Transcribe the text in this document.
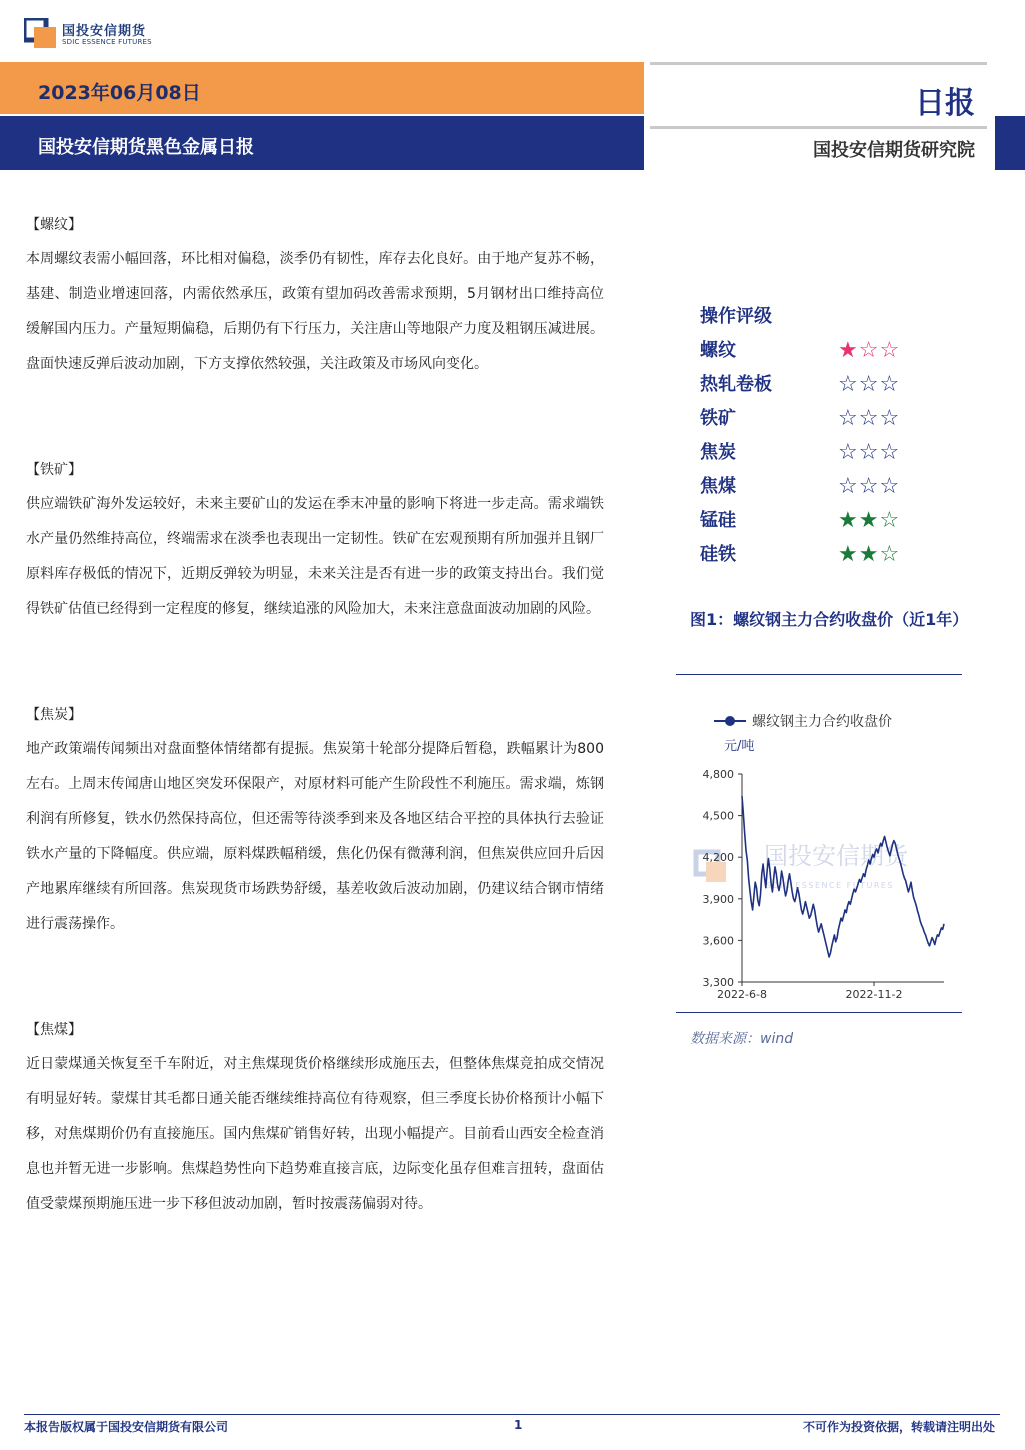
国投安信期货
SDIC ESSENCE FUTURES
2023年06月08日
国投安信期货黑色金属日报
日报
国投安信期货研究院
【螺纹】

本周螺纹表需小幅回落，环比相对偏稳，淡季仍有韧性，库存去化良好。由于地产复苏不畅，基建、制造业增速回落，内需依然承压，政策有望加码改善需求预期，5月钢材出口维持高位缓解国内压力。产量短期偏稳，后期仍有下行压力，关注唐山等地限产力度及粗钢压减进展。盘面快速反弹后波动加剧，下方支撑依然较强，关注政策及市场风向变化。

【铁矿】

供应端铁矿海外发运较好，未来主要矿山的发运在季末冲量的影响下将进一步走高。需求端铁水产量仍然维持高位，终端需求在淡季也表现出一定韧性。铁矿在宏观预期有所加强并且钢厂原料库存极低的情况下，近期反弹较为明显，未来关注是否有进一步的政策支持出台。我们觉得铁矿估值已经得到一定程度的修复，继续追涨的风险加大，未来注意盘面波动加剧的风险。

【焦炭】

地产政策端传闻频出对盘面整体情绪都有提振。焦炭第十轮部分提降后暂稳，跌幅累计为800左右。上周末传闻唐山地区突发环保限产，对原材料可能产生阶段性不利施压。需求端，炼钢利润有所修复，铁水仍然保持高位，但还需等待淡季到来及各地区结合平控的具体执行去验证铁水产量的下降幅度。供应端，原料煤跌幅稍缓，焦化仍保有微薄利润，但焦炭供应回升后因产地累库继续有所回落。焦炭现货市场跌势舒缓，基差收敛后波动加剧，仍建议结合钢市情绪进行震荡操作。

【焦煤】

近日蒙煤通关恢复至千车附近，对主焦煤现货价格继续形成施压去，但整体焦煤竞拍成交情况有明显好转。蒙煤甘其毛都日通关能否继续维持高位有待观察，但三季度长协价格预计小幅下移，对焦煤期价仍有直接施压。国内焦煤矿销售好转，出现小幅提产。目前看山西安全检查消息也并暂无进一步影响。焦煤趋势性向下趋势难直接言底，边际变化虽存但难言扭转，盘面估值受蒙煤预期施压进一步下移但波动加剧，暂时按震荡偏弱对待。

操作评级
螺纹	★☆☆
热轧卷板	☆☆☆
铁矿	☆☆☆
焦炭	☆☆☆
焦煤	☆☆☆
锰硅	★★☆
硅铁	★★☆
图1：螺纹钢主力合约收盘价（近1年）
国投安信期货
SDIC ESSENCE FUTURES
螺纹钢主力合约收盘价
元/吨
3,300
3,600
3,900
4,200
4,500
4,800
2022-6-8	2022-11-2
数据来源：wind
本报告版权属于国投安信期货有限公司	1	不可作为投资依据，转载请注明出处
